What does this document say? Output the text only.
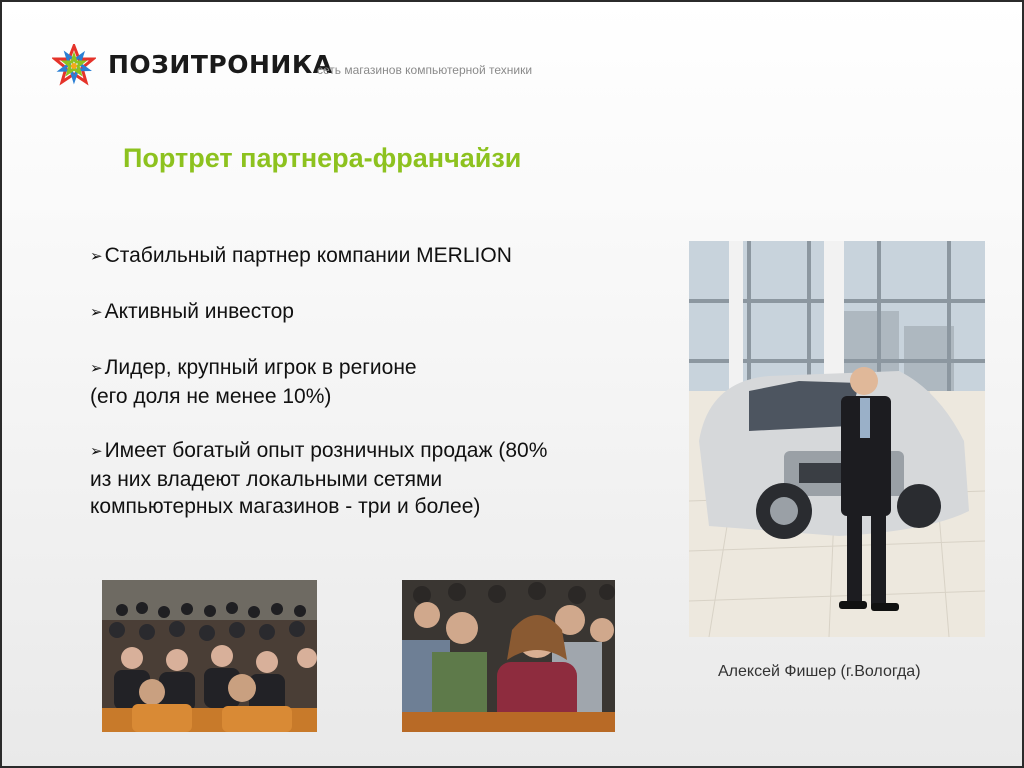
ПОЗИТРОНИКА
сеть магазинов компьютерной техники
Портрет партнера-франчайзи
➢Стабильный партнер компании MERLION
➢Активный инвестор
➢Лидер, крупный игрок в регионе
(его доля не менее 10%)
➢Имеет богатый опыт розничных продаж (80%
из них владеют локальными сетями
компьютерных магазинов - три и более)
Алексей Фишер (г.Вологда)
